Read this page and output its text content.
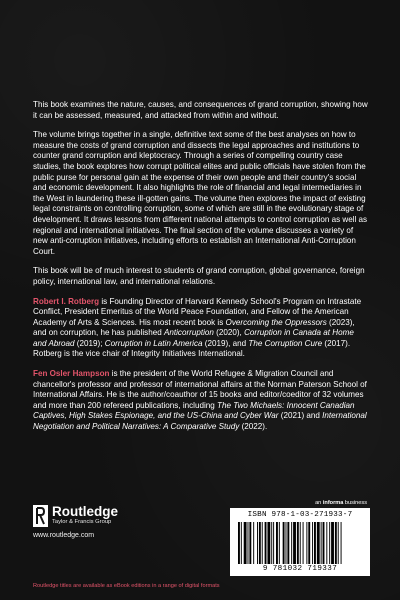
This book examines the nature, causes, and consequences of grand corruption, showing how it can be assessed, measured, and attacked from within and without.

The volume brings together in a single, definitive text some of the best analyses on how to measure the costs of grand corruption and dissects the legal approaches and institutions to counter grand corruption and kleptocracy. Through a series of compelling country case studies, the book explores how corrupt political elites and public officials have stolen from the public purse for personal gain at the expense of their own people and their country's social and economic development. It also highlights the role of financial and legal intermediaries in the West in laundering these ill-gotten gains. The volume then explores the impact of existing legal constraints on controlling corruption, some of which are still in the evolutionary stage of development. It draws lessons from different national attempts to control corruption as well as regional and international initiatives. The final section of the volume discusses a variety of new anti-corruption initiatives, including efforts to establish an International Anti-Corruption Court.

This book will be of much interest to students of grand corruption, global governance, foreign policy, international law, and international relations.

Robert I. Rotberg is Founding Director of Harvard Kennedy School's Program on Intrastate Conflict, President Emeritus of the World Peace Foundation, and Fellow of the American Academy of Arts & Sciences. His most recent book is Overcoming the Oppressors (2023), and on corruption, he has published Anticorruption (2020), Corruption in Canada at Home and Abroad (2019); Corruption in Latin America (2019), and The Corruption Cure (2017). Rotberg is the vice chair of Integrity Initiatives International.

Fen Osler Hampson is the president of the World Refugee & Migration Council and chancellor's professor and professor of international affairs at the Norman Paterson School of International Affairs. He is the author/coauthor of 15 books and editor/coeditor of 32 volumes and more than 200 refereed publications, including The Two Michaels: Innocent Canadian Captives, High Stakes Espionage, and the US-China and Cyber War (2021) and International Negotiation and Political Narratives: A Comparative Study (2022).

Routledge
Taylor & Francis Group
www.routledge.com
an informa business
ISBN 978-1-03-271933-7
9 781032 719337
Routledge titles are available as eBook editions in a range of digital formats
